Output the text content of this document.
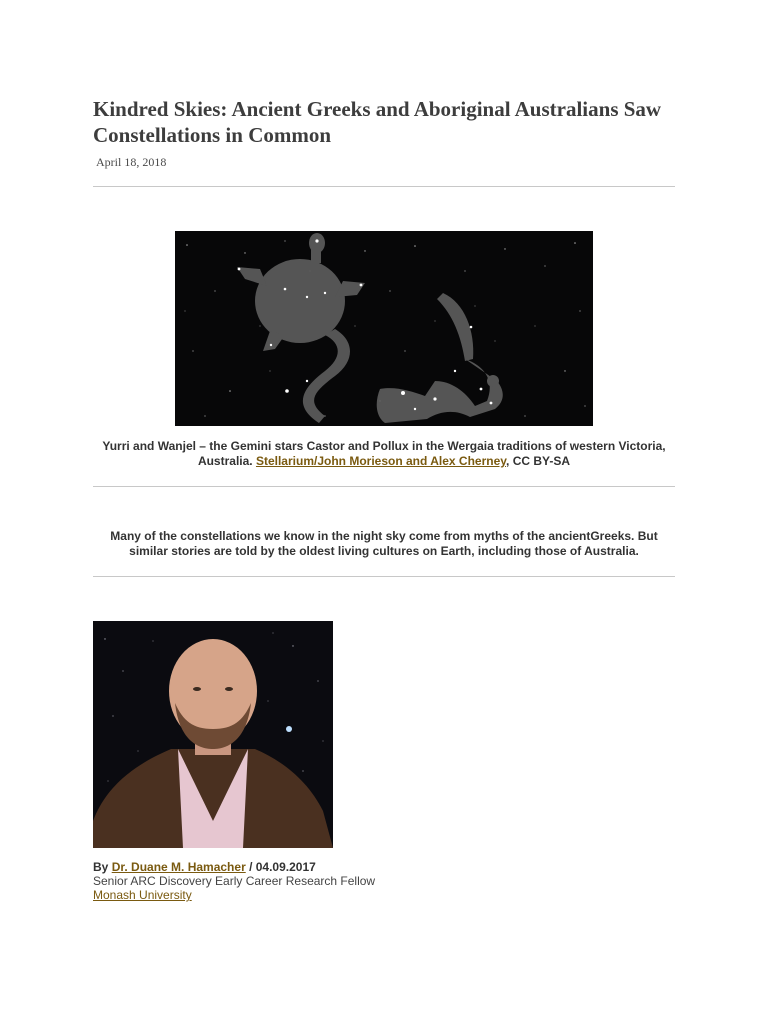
Kindred Skies: Ancient Greeks and Aboriginal Australians Saw Constellations in Common
April 18, 2018
Yurri and Wanjel – the Gemini stars Castor and Pollux in the Wergaia traditions of western Victoria, Australia. Stellarium/John Morieson and Alex Cherney, CC BY-SA
Many of the constellations we know in the night sky come from myths of the ancientGreeks. But similar stories are told by the oldest living cultures on Earth, including those of Australia.
By Dr. Duane M. Hamacher / 04.09.2017
Senior ARC Discovery Early Career Research Fellow
Monash University
